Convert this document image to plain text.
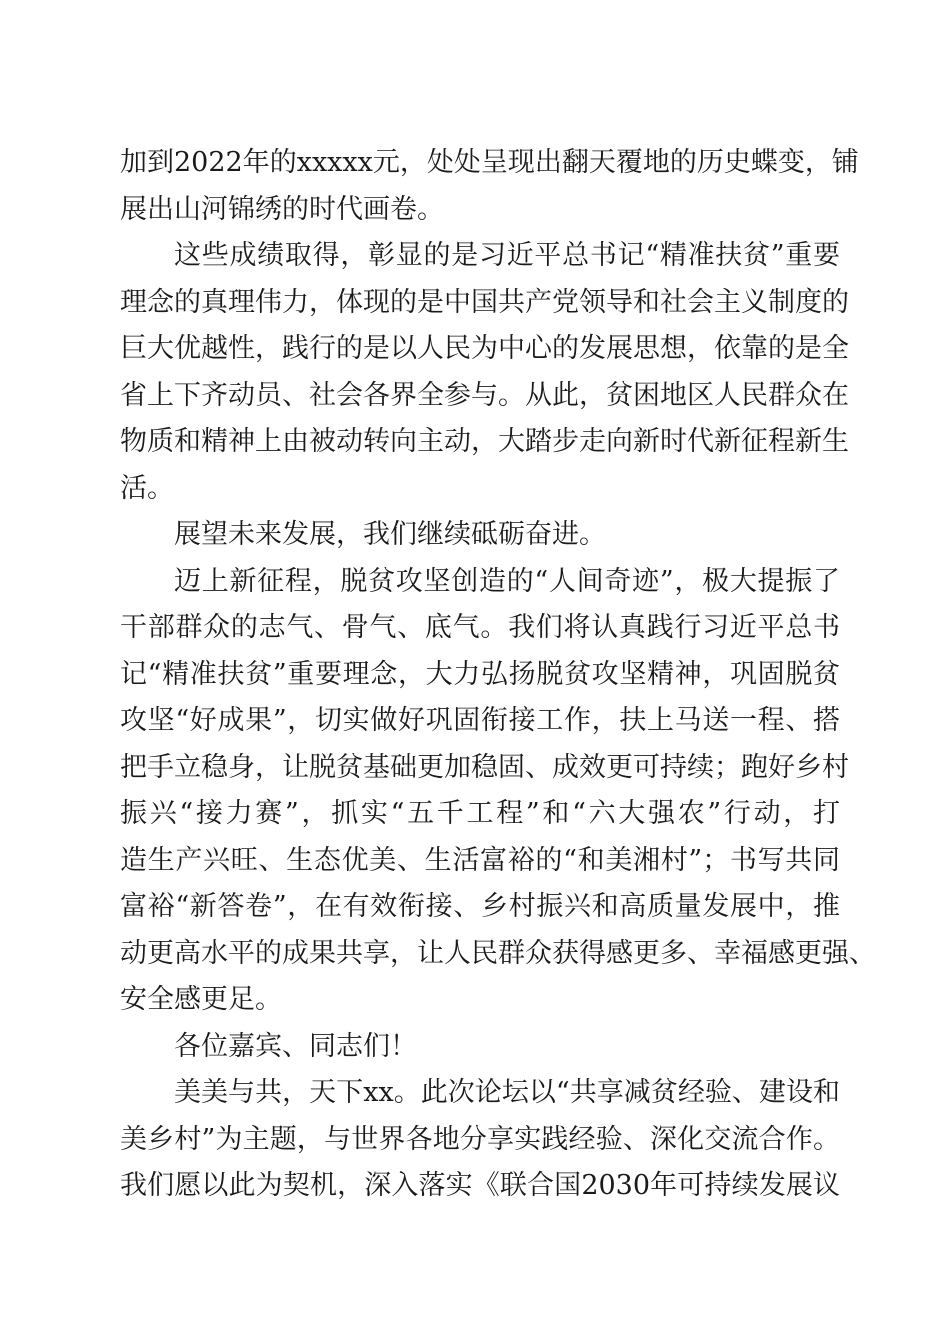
加到2022年的xxxxx元，处处呈现出翻天覆地的历史蝶变，铺
展出山河锦绣的时代画卷。
这些成绩取得，彰显的是习近平总书记“精准扶贫”重要
理念的真理伟力，体现的是中国共产党领导和社会主义制度的
巨大优越性，践行的是以人民为中心的发展思想，依靠的是全
省上下齐动员、社会各界全参与。从此，贫困地区人民群众在
物质和精神上由被动转向主动，大踏步走向新时代新征程新生
活。
展望未来发展，我们继续砥砺奋进。
迈上新征程，脱贫攻坚创造的“人间奇迹”，极大提振了
干部群众的志气、骨气、底气。我们将认真践行习近平总书
记“精准扶贫”重要理念，大力弘扬脱贫攻坚精神，巩固脱贫
攻坚“好成果”，切实做好巩固衔接工作，扶上马送一程、搭
把手立稳身，让脱贫基础更加稳固、成效更可持续；跑好乡村
振兴“接力赛”，抓实“五千工程”和“六大强农”行动，打
造生产兴旺、生态优美、生活富裕的“和美湘村”；书写共同
富裕“新答卷”，在有效衔接、乡村振兴和高质量发展中，推
动更高水平的成果共享，让人民群众获得感更多、幸福感更强、
安全感更足。
各位嘉宾、同志们！
美美与共，天下xx。此次论坛以“共享减贫经验、建设和
美乡村”为主题，与世界各地分享实践经验、深化交流合作。
我们愿以此为契机，深入落实《联合国2030年可持续发展议
